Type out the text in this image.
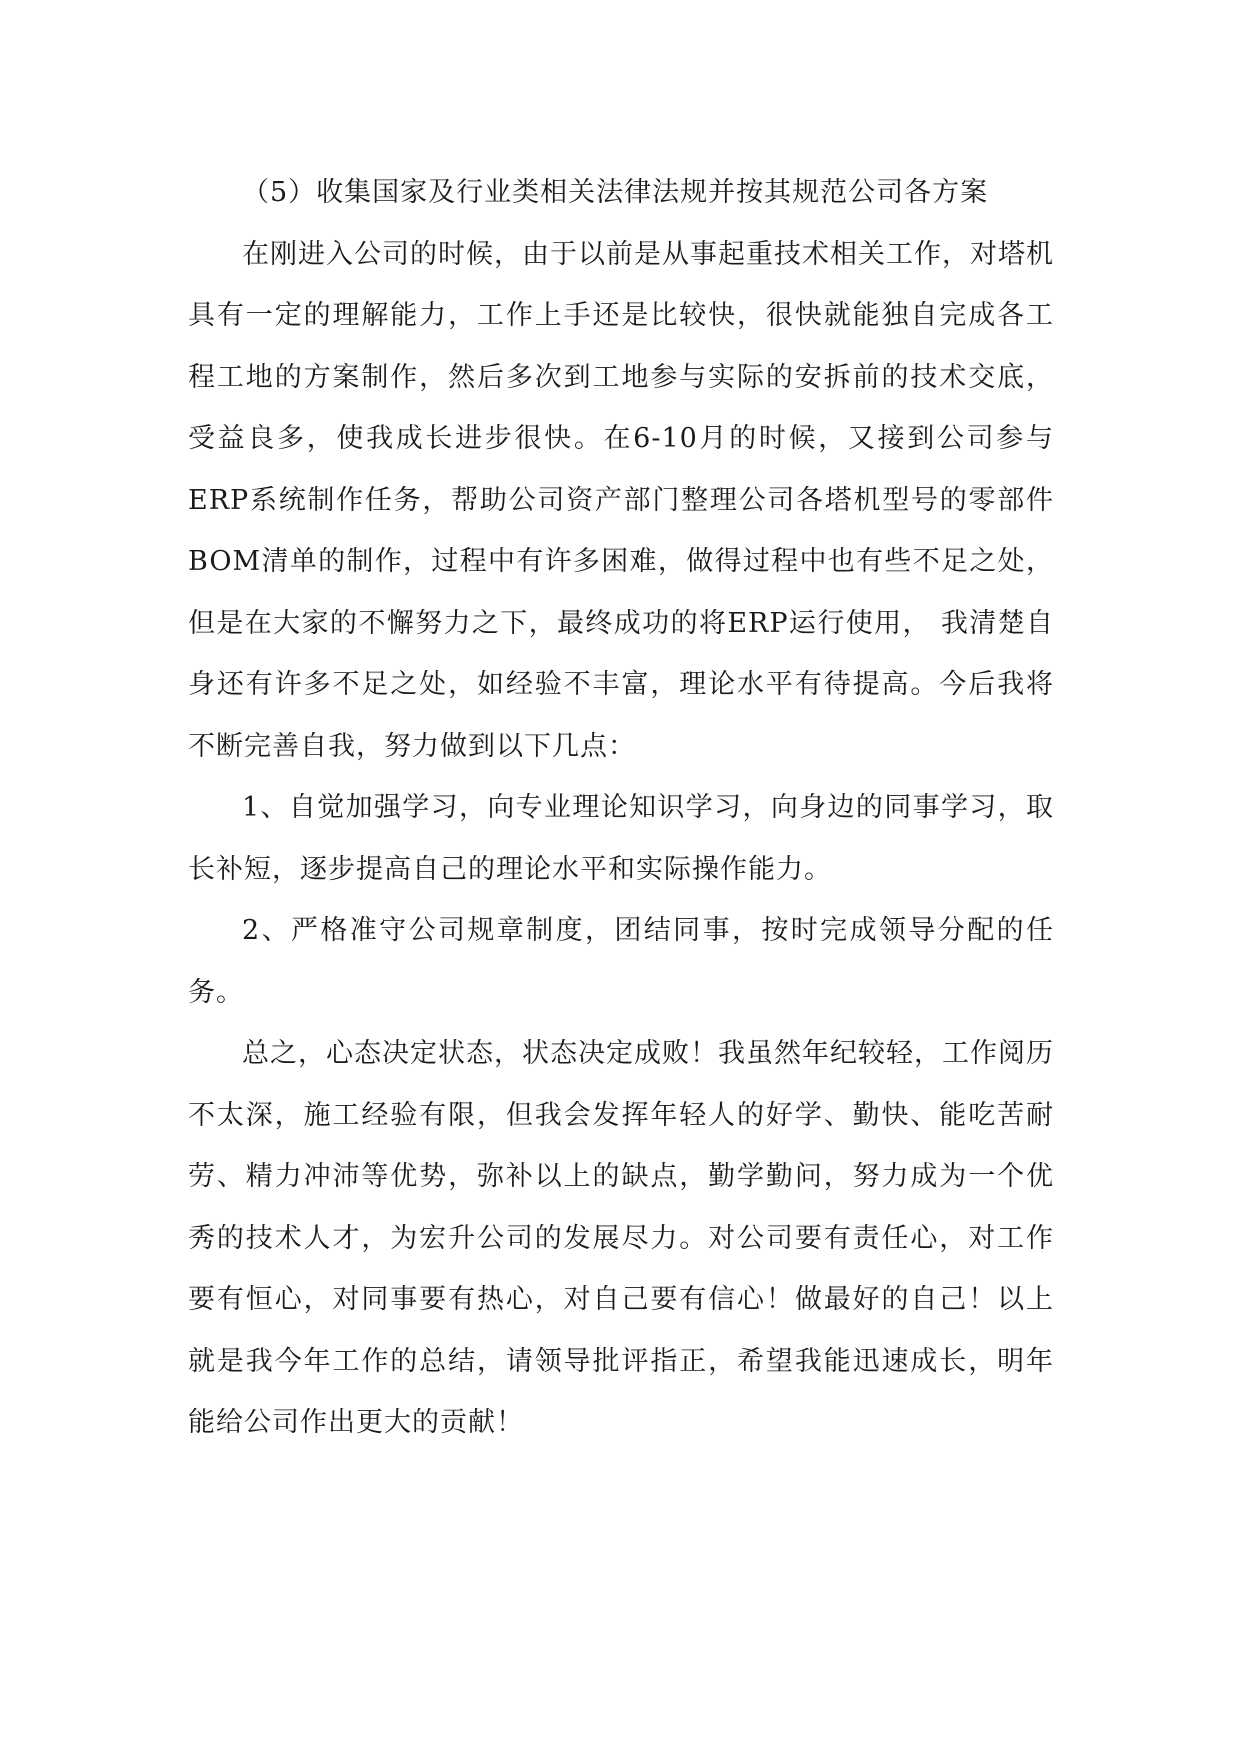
（5）收集国家及行业类相关法律法规并按其规范公司各方案

在刚进入公司的时候，由于以前是从事起重技术相关工作，对塔机具有一定的理解能力，工作上手还是比较快，很快就能独自完成各工程工地的方案制作，然后多次到工地参与实际的安拆前的技术交底，受益良多，使我成长进步很快。在6-10月的时候，又接到公司参与ERP系统制作任务，帮助公司资产部门整理公司各塔机型号的零部件BOM清单的制作，过程中有许多困难，做得过程中也有些不足之处，但是在大家的不懈努力之下，最终成功的将ERP运行使用， 我清楚自身还有许多不足之处，如经验不丰富，理论水平有待提高。今后我将不断完善自我，努力做到以下几点：

1、自觉加强学习，向专业理论知识学习，向身边的同事学习，取长补短，逐步提高自己的理论水平和实际操作能力。

2、严格准守公司规章制度，团结同事，按时完成领导分配的任务。

总之，心态决定状态，状态决定成败！我虽然年纪较轻，工作阅历不太深，施工经验有限，但我会发挥年轻人的好学、勤快、能吃苦耐劳、精力冲沛等优势，弥补以上的缺点，勤学勤问，努力成为一个优秀的技术人才，为宏升公司的发展尽力。对公司要有责任心，对工作要有恒心，对同事要有热心，对自己要有信心！做最好的自己！以上就是我今年工作的总结，请领导批评指正，希望我能迅速成长，明年能给公司作出更大的贡献！
